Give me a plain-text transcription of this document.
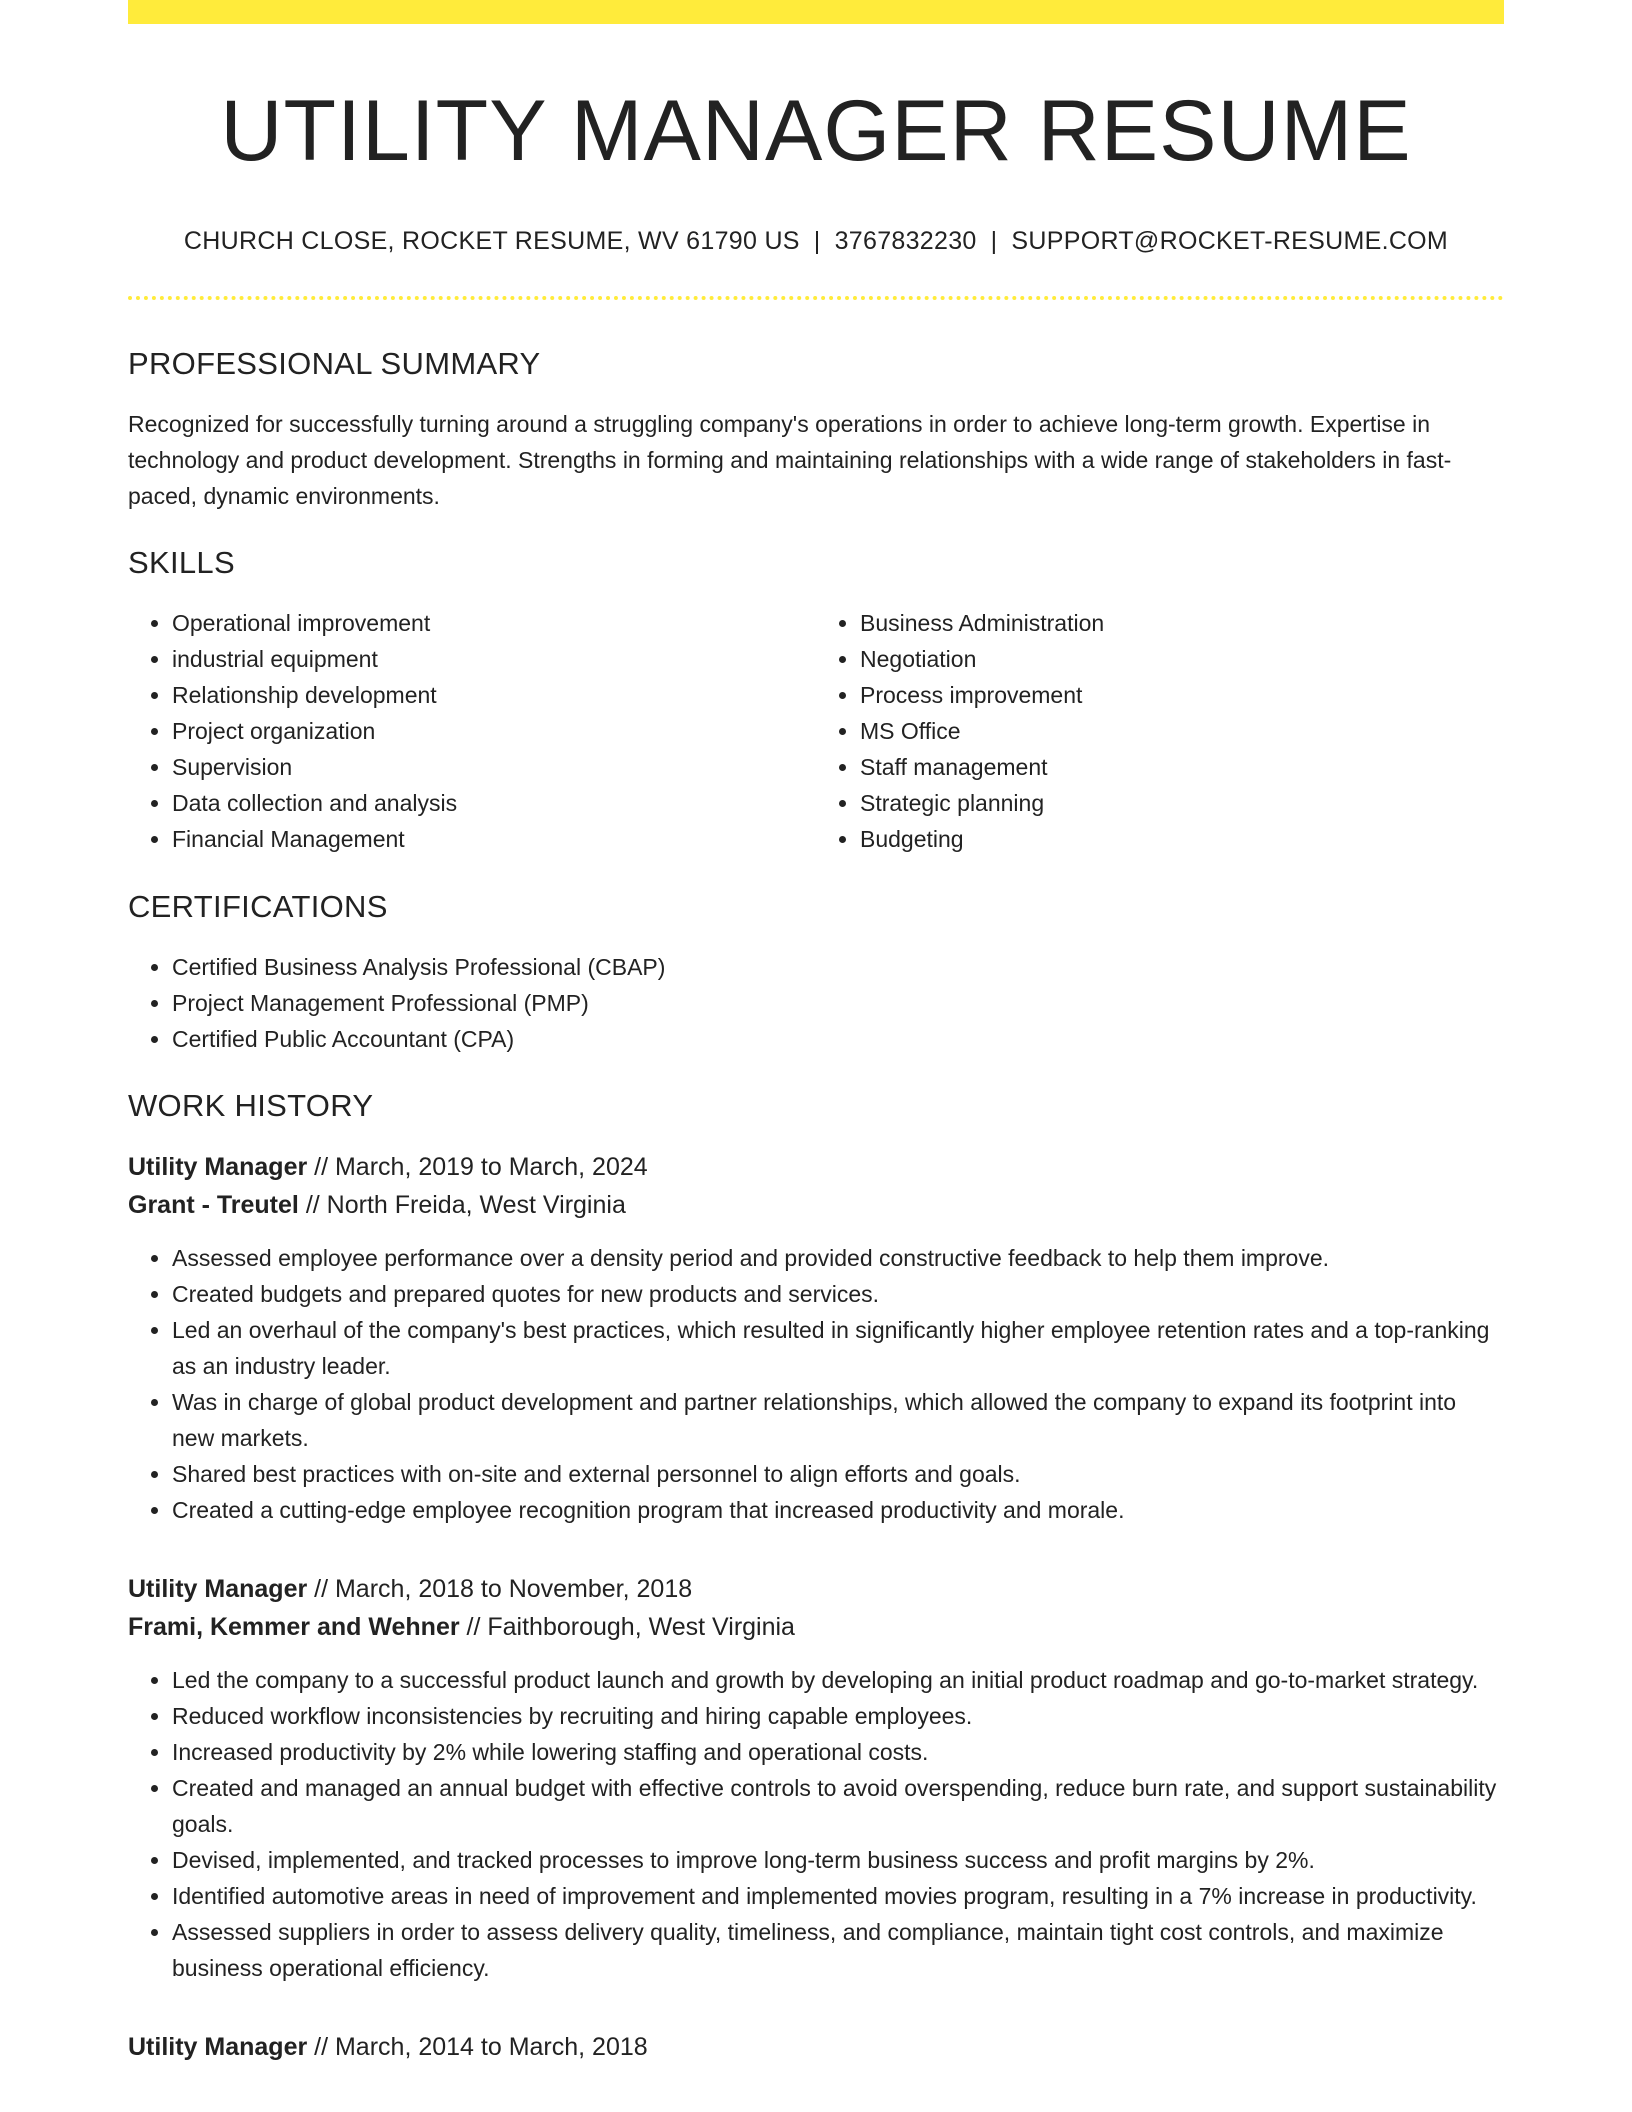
UTILITY MANAGER RESUME
CHURCH CLOSE, ROCKET RESUME, WV 61790 US | 3767832230 | SUPPORT@ROCKET-RESUME.COM
PROFESSIONAL SUMMARY
Recognized for successfully turning around a struggling company's operations in order to achieve long-term growth. Expertise in technology and product development. Strengths in forming and maintaining relationships with a wide range of stakeholders in fast-paced, dynamic environments.
SKILLS
• Operational improvement
• industrial equipment
• Relationship development
• Project organization
• Supervision
• Data collection and analysis
• Financial Management
• Business Administration
• Negotiation
• Process improvement
• MS Office
• Staff management
• Strategic planning
• Budgeting
CERTIFICATIONS
• Certified Business Analysis Professional (CBAP)
• Project Management Professional (PMP)
• Certified Public Accountant (CPA)
WORK HISTORY
Utility Manager // March, 2019 to March, 2024
Grant - Treutel // North Freida, West Virginia
• Assessed employee performance over a density period and provided constructive feedback to help them improve.
• Created budgets and prepared quotes for new products and services.
• Led an overhaul of the company's best practices, which resulted in significantly higher employee retention rates and a top-ranking as an industry leader.
• Was in charge of global product development and partner relationships, which allowed the company to expand its footprint into new markets.
• Shared best practices with on-site and external personnel to align efforts and goals.
• Created a cutting-edge employee recognition program that increased productivity and morale.
Utility Manager // March, 2018 to November, 2018
Frami, Kemmer and Wehner // Faithborough, West Virginia
• Led the company to a successful product launch and growth by developing an initial product roadmap and go-to-market strategy.
• Reduced workflow inconsistencies by recruiting and hiring capable employees.
• Increased productivity by 2% while lowering staffing and operational costs.
• Created and managed an annual budget with effective controls to avoid overspending, reduce burn rate, and support sustainability goals.
• Devised, implemented, and tracked processes to improve long-term business success and profit margins by 2%.
• Identified automotive areas in need of improvement and implemented movies program, resulting in a 7% increase in productivity.
• Assessed suppliers in order to assess delivery quality, timeliness, and compliance, maintain tight cost controls, and maximize business operational efficiency.
Utility Manager // March, 2014 to March, 2018
